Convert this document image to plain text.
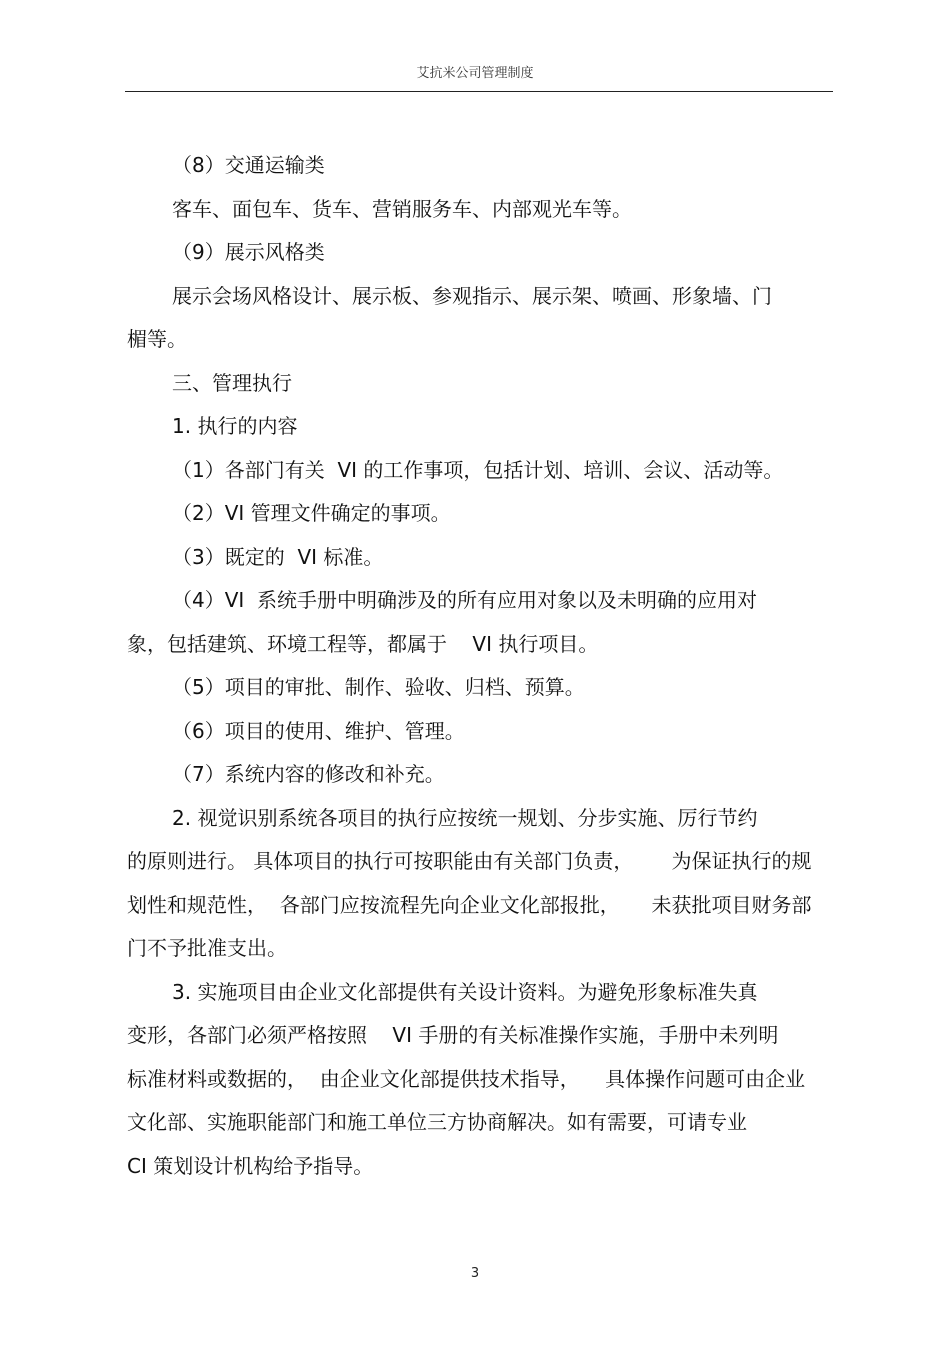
艾抗米公司管理制度
（8）交通运输类
客车、面包车、货车、营销服务车、内部观光车等。
（9）展示风格类
展示会场风格设计、展示板、参观指示、展示架、喷画、形象墙、门
楣等。
三、管理执行
1. 执行的内容
（1）各部门有关  VI 的工作事项，包括计划、培训、会议、活动等。
（2）VI 管理文件确定的事项。
（3）既定的  VI 标准。
（4）VI  系统手册中明确涉及的所有应用对象以及未明确的应用对
象，包括建筑、环境工程等，都属于    VI 执行项目。
（5）项目的审批、制作、验收、归档、预算。
（6）项目的使用、维护、管理。
（7）系统内容的修改和补充。
2. 视觉识别系统各项目的执行应按统一规划、分步实施、厉行节约
的原则进行。 具体项目的执行可按职能由有关部门负责，      为保证执行的规
划性和规范性，  各部门应按流程先向企业文化部报批，     未获批项目财务部
门不予批准支出。
3. 实施项目由企业文化部提供有关设计资料。为避免形象标准失真
变形，各部门必须严格按照    VI 手册的有关标准操作实施，手册中未列明
标准材料或数据的，  由企业文化部提供技术指导，    具体操作问题可由企业
文化部、实施职能部门和施工单位三方协商解决。如有需要，可请专业
CI 策划设计机构给予指导。
3
